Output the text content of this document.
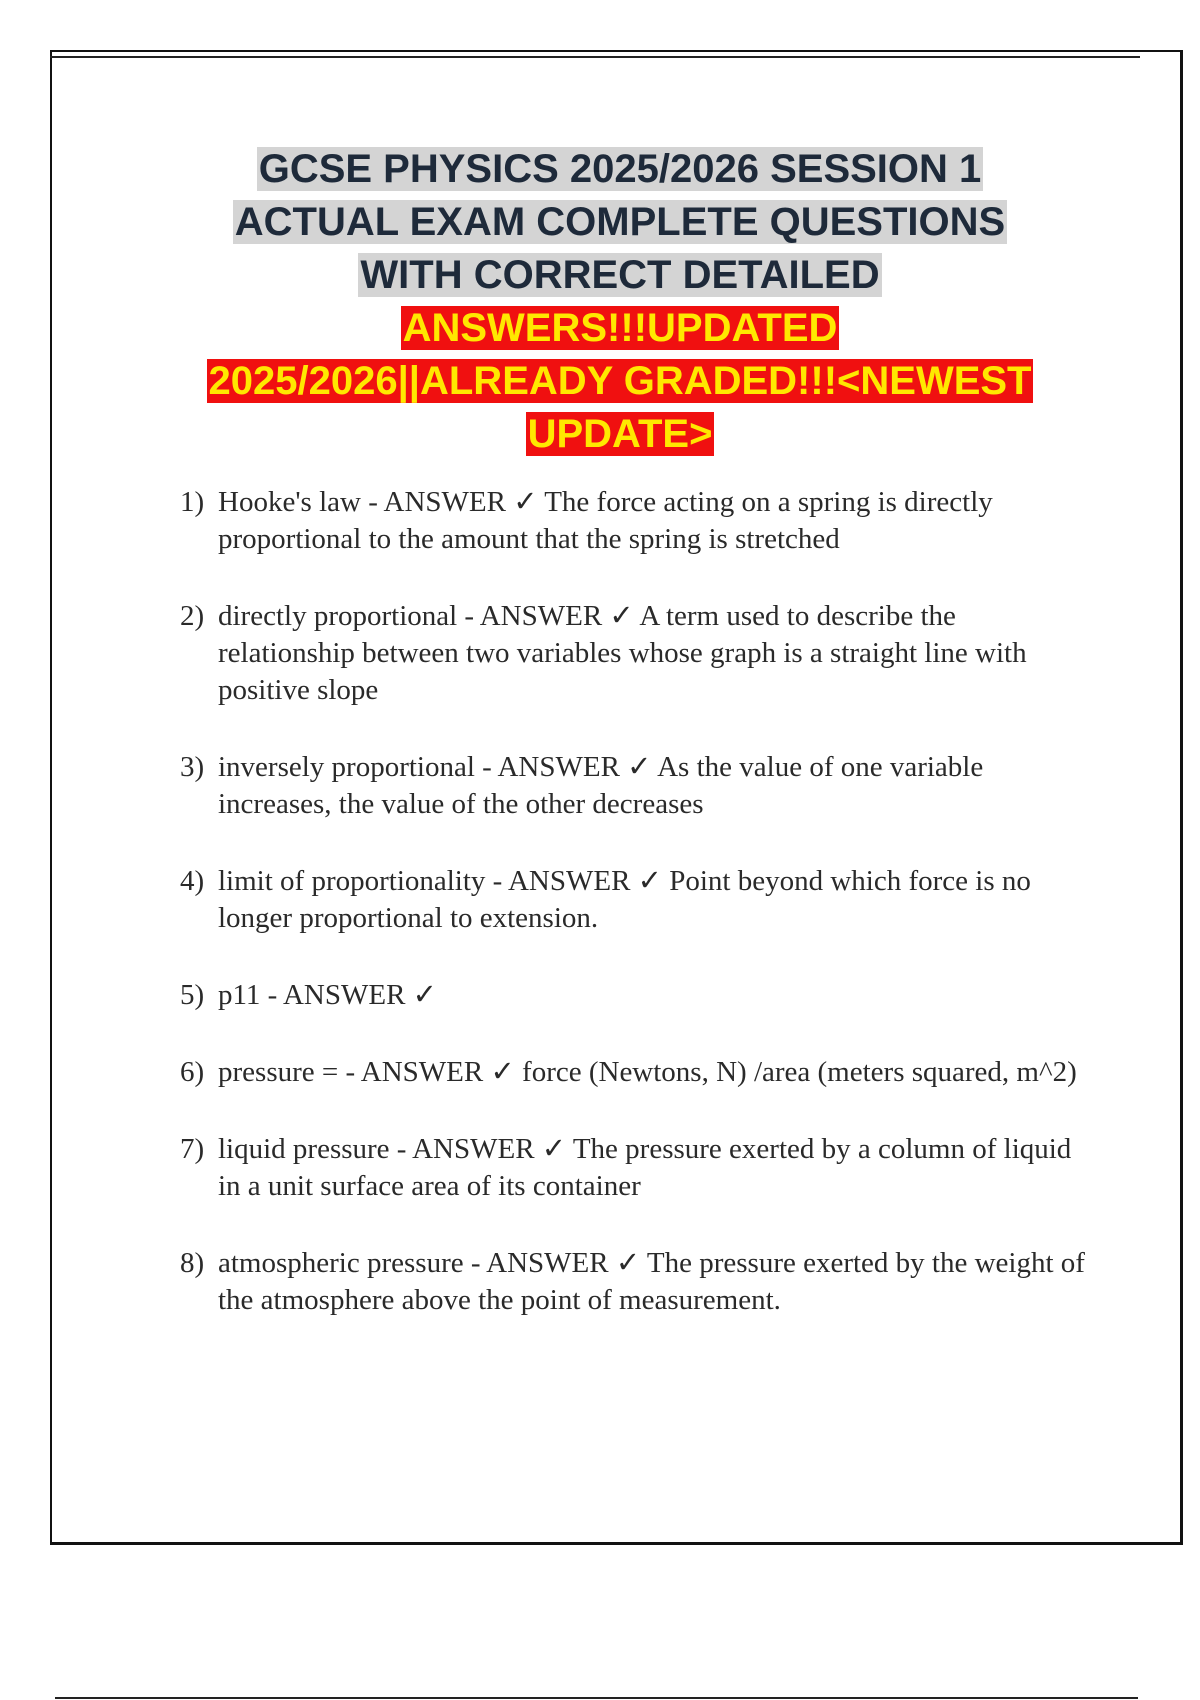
GCSE PHYSICS 2025/2026 SESSION 1
ACTUAL EXAM COMPLETE QUESTIONS
WITH CORRECT DETAILED
ANSWERS!!!UPDATED
2025/2026||ALREADY GRADED!!!<NEWEST
UPDATE>
1) Hooke's law - ANSWER ✓ The force acting on a spring is directly proportional to the amount that the spring is stretched
2) directly proportional - ANSWER ✓ A term used to describe the relationship between two variables whose graph is a straight line with positive slope
3) inversely proportional - ANSWER ✓ As the value of one variable increases, the value of the other decreases
4) limit of proportionality - ANSWER ✓ Point beyond which force is no longer proportional to extension.
5) p11 - ANSWER ✓
6) pressure = - ANSWER ✓ force (Newtons, N) /area (meters squared, m^2)
7) liquid pressure - ANSWER ✓ The pressure exerted by a column of liquid in a unit surface area of its container
8) atmospheric pressure - ANSWER ✓ The pressure exerted by the weight of the atmosphere above the point of measurement.
